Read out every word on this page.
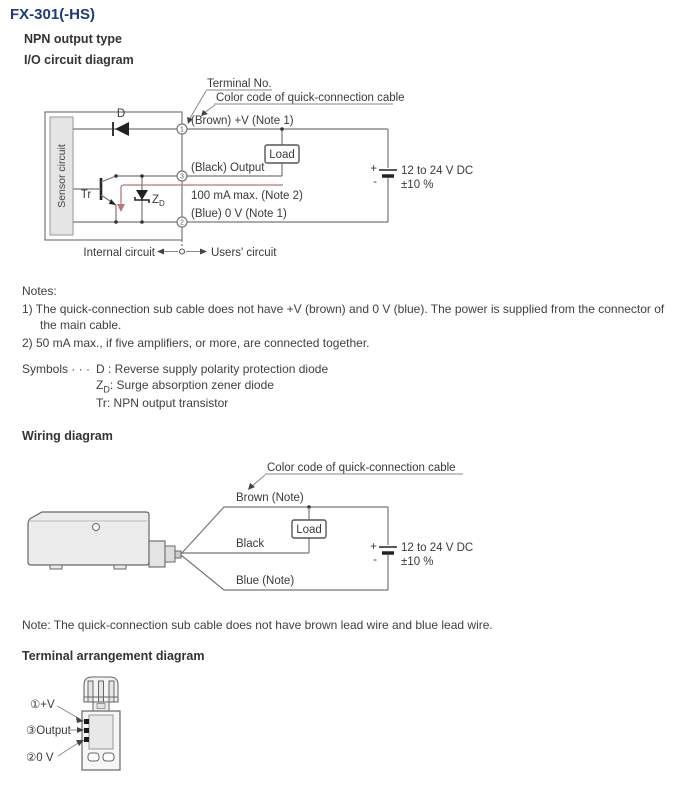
FX-301(-HS)
NPN output type
I/O circuit diagram
Terminal No.
Color code of quick-connection cable
Sensor circuit
D
Tr	$Z_D$
1
3
2
(Brown) +V (Note 1)
(Black) Output
100 mA max. (Note 2)
(Blue) 0 V (Note 1)
Load
+
-
12 to 24 V DC
±10 %
Internal circuit	Users' circuit
Notes:
1) The quick-connection sub cable does not have +V (brown) and 0 V (blue). The power is supplied from the connector of
the main cable.
2) 50 mA max., if five amplifiers, or more, are connected together.
Symbols · · · D : Reverse supply polarity protection diode
$Z_D$: Surge absorption zener diode
Tr: NPN output transistor
Wiring diagram
Color code of quick-connection cable
Brown (Note)
Black
Blue (Note)
Load
+
-
12 to 24 V DC
±10 %
Note: The quick-connection sub cable does not have brown lead wire and blue lead wire.
Terminal arrangement diagram
①+V
③Output
②0 V
